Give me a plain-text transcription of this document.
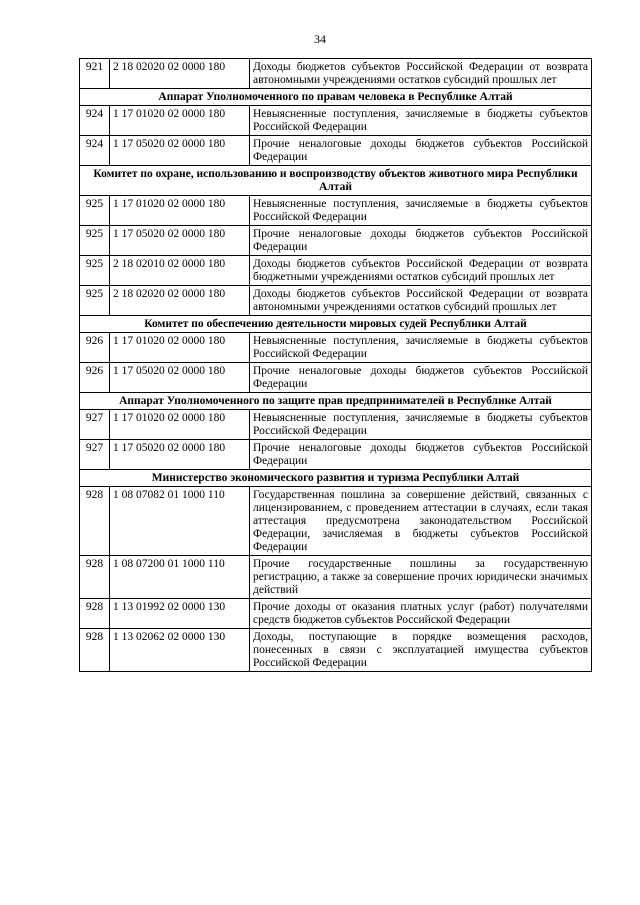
34
921	2 18 02020 02 0000 180	Доходы бюджетов субъектов Российской Федерации от возврата автономными учреждениями остатков субсидий прошлых лет
Аппарат Уполномоченного по правам человека в Республике Алтай		
924	1 17 01020 02 0000 180	Невыясненные поступления, зачисляемые в бюджеты субъектов Российской Федерации
924	1 17 05020 02 0000 180	Прочие неналоговые доходы бюджетов субъектов Российской Федерации
Комитет по охране, использованию и воспроизводству объектов животного мира Республики Алтай		
925	1 17 01020 02 0000 180	Невыясненные поступления, зачисляемые в бюджеты субъектов Российской Федерации
925	1 17 05020 02 0000 180	Прочие неналоговые доходы бюджетов субъектов Российской Федерации
925	2 18 02010 02 0000 180	Доходы бюджетов субъектов Российской Федерации от возврата бюджетными учреждениями остатков субсидий прошлых лет
925	2 18 02020 02 0000 180	Доходы бюджетов субъектов Российской Федерации от возврата автономными учреждениями остатков субсидий прошлых лет
Комитет по обеспечению деятельности мировых судей Республики Алтай		
926	1 17 01020 02 0000 180	Невыясненные поступления, зачисляемые в бюджеты субъектов Российской Федерации
926	1 17 05020 02 0000 180	Прочие неналоговые доходы бюджетов субъектов Российской Федерации
Аппарат Уполномоченного по защите прав предпринимателей в Республике Алтай		
927	1 17 01020 02 0000 180	Невыясненные поступления, зачисляемые в бюджеты субъектов Российской Федерации
927	1 17 05020 02 0000 180	Прочие неналоговые доходы бюджетов субъектов Российской Федерации
Министерство экономического развития и туризма Республики Алтай		
928	1 08 07082 01 1000 110	Государственная пошлина за совершение действий, связанных с лицензированием, с проведением аттестации в случаях, если такая аттестация предусмотрена законодательством Российской Федерации, зачисляемая в бюджеты субъектов Российской Федерации
928	1 08 07200 01 1000 110	Прочие государственные пошлины за государственную регистрацию, а также за совершение прочих юридически значимых действий
928	1 13 01992 02 0000 130	Прочие доходы от оказания платных услуг (работ) получателями средств бюджетов субъектов Российской Федерации
928	1 13 02062 02 0000 130	Доходы, поступающие в порядке возмещения расходов, понесенных в связи с эксплуатацией имущества субъектов Российской Федерации
